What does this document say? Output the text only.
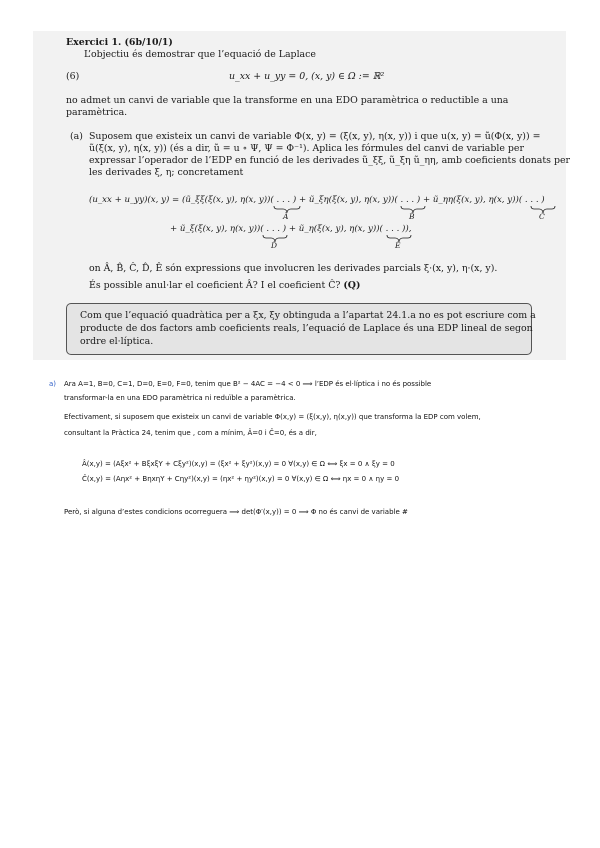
Exercici 1. (6b/10/1)
L’objectiu és demostrar que l’equació de Laplace
(6)	u_xx + u_yy = 0, (x, y) ∈ Ω := ℝ²
no admet un canvi de variable que la transforme en una EDO paramètrica o reductible a una
paramètrica.
(a) Suposem que existeix un canvi de variable Φ(x, y) = (ξ(x, y), η(x, y)) i que u(x, y) = ũ(Φ(x, y)) =
ũ(ξ(x, y), η(x, y)) (és a dir, ũ = u ∘ Ψ, Ψ = Φ⁻¹). Aplica les fórmules del canvi de variable per
expressar l’operador de l’EDP en funció de les derivades ũ_ξξ, ũ_ξη ũ_ηη, amb coeficients donats per
les derivades ξ, η; concretament
(u_xx + u_yy)(x, y) = (ũ_ξξ(ξ(x, y), η(x, y))( . . . ) + ũ_ξη(ξ(x, y), η(x, y))( . . . ) + ũ_ηη(ξ(x, y), η(x, y))( . . . )
+ ũ_ξ(ξ(x, y), η(x, y))( . . . ) + ũ_η(ξ(x, y), η(x, y))( . . . )),
Â	B̂	Ĉ
D̂	Ê
on Â, B̂, Ĉ, D̂, Ê són expressions que involucren les derivades parcials ξ·(x, y), η·(x, y).
És possible anul·lar el coeficient Â? I el coeficient Ĉ? (Q)
Com que l’equació quadràtica per a ξx, ξy obtinguda a l’apartat 24.1.a no es pot escriure com a
producte de dos factors amb coeficients reals, l’equació de Laplace és una EDP lineal de segon
ordre el·líptica.
a) Ara A=1, B=0, C=1, D=0, E=0, F=0, tenim que B² − 4AC = −4 < 0 ⟹ l’EDP és el·líptica i no és possible
transformar-la en una EDO paramètrica ni reduïble a paramètrica.
Efectivament, si suposem que existeix un canvi de variable Φ(x,y) = (ξ(x,y), η(x,y)) que transforma la EDP com volem,
consultant la Pràctica 24, tenim que , com a mínim, Â=0 i Ĉ=0, és a dir,
Â(x,y) = (Aξx² + BξxξY + Cξy²)(x,y) = (ξx² + ξy²)(x,y) = 0 ∀(x,y) ∈ Ω ⟺ ξx = 0 ∧ ξy = 0
Ĉ(x,y) = (Aηx² + BηxηY + Cηy²)(x,y) = (ηx² + ηy²)(x,y) = 0 ∀(x,y) ∈ Ω ⟺ ηx = 0 ∧ ηy = 0
Però, si alguna d’estes condicions ocorreguera ⟹ det(Φ′(x,y)) = 0 ⟹ Φ no és canvi de variable #
